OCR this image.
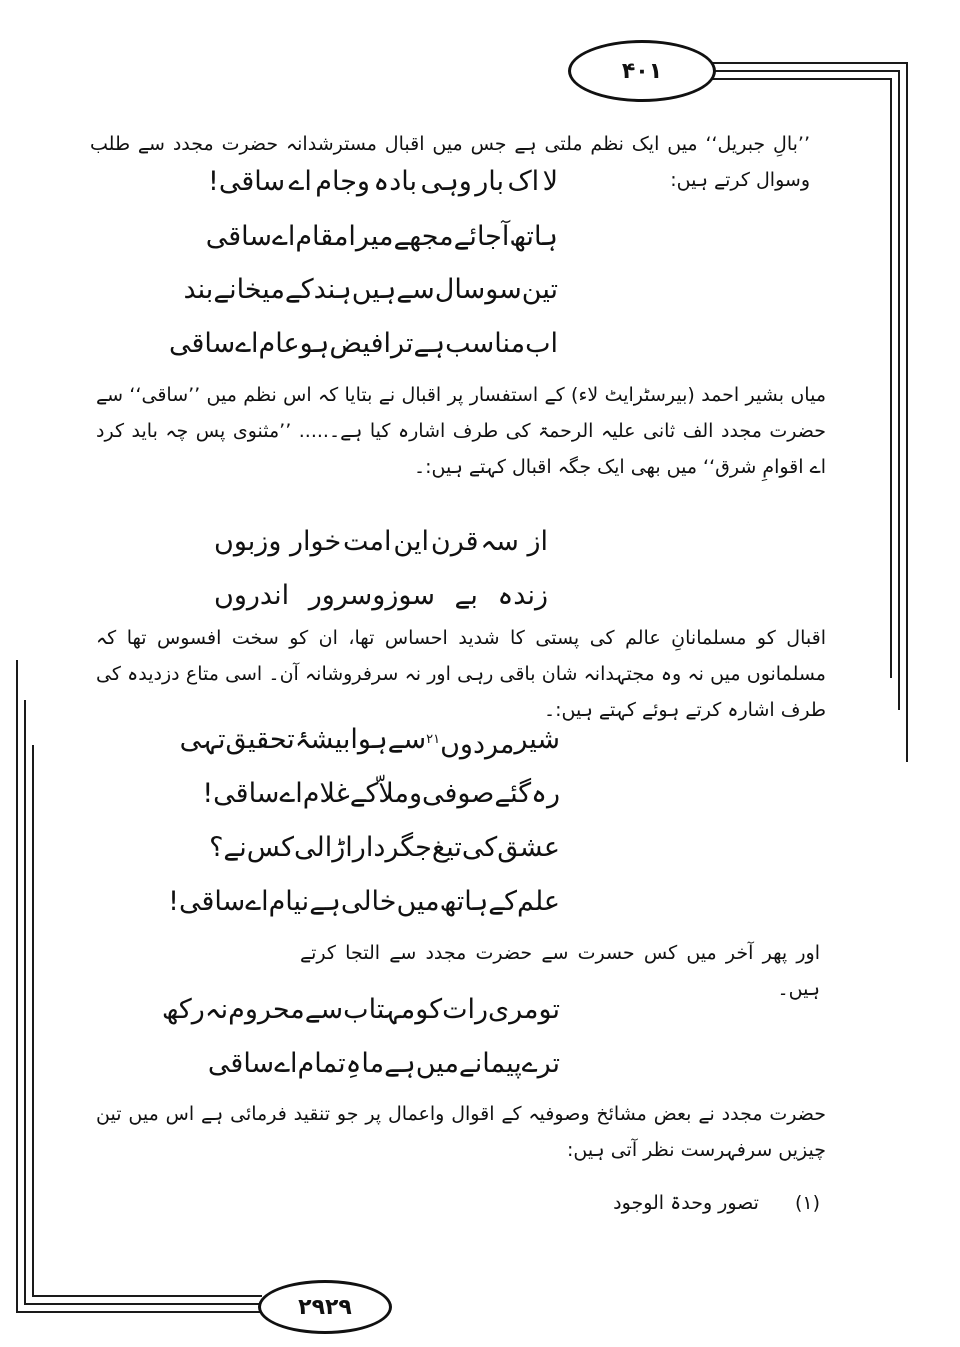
۴۰۱
’’بالِ جبریل‘‘ میں ایک نظم ملتی ہے جس میں اقبال مسترشدانہ حضرت مجدد سے طلب وسوال کرتے ہیں:
لا
اک
بار
وہی
بادہ
وجام
اے
ساقی!
ہاتھ
آجائے
مجھے
میرا
مقام
اے
ساقی
تین
سو
سال
سے
ہیں
ہند
کے
میخانے
بند
اب
مناسب
ہے
ترا
فیض
ہو
عام
اے
ساقی
میاں بشیر احمد (بیرسٹرایٹ لاء) کے استفسار پر اقبال نے بتایا کہ اس نظم میں ’’ساقی‘‘ سے حضرت مجدد الف ثانی علیہ الرحمۃ کی طرف اشارہ کیا ہے۔..... ’’مثنوی پس چہ باید کرد اے اقوامِ شرق‘‘ میں بھی ایک جگہ اقبال کہتے ہیں:۔
از سہ
قرن
این
امت
خوار وزبوں
زندہ
بے
سوزوسرور
اندروں
اقبال کو مسلمانانِ عالم کی پستی کا شدید احساس تھا، ان کو سخت افسوس تھا کہ مسلمانوں میں نہ وہ مجتہدانہ شان باقی رہی اور نہ سرفروشانہ آن۔ اسی متاع دزدیدہ کی طرف اشارہ کرتے ہوئے کہتے ہیں:۔
شیر
مردوں$^{۲۱}$
سے
ہوا
بیشۂ
تحقیق
تہی
رہ
گئے
صوفی
وملاّ
کے
غلام
اے
ساقی!
عشق
کی
تیغ
جگر
دار
اڑالی
کس
نے؟
علم
کے
ہاتھ
میں
خالی
ہے
نیا
م
اے
ساقی!
اور پھر آخر میں کس حسرت سے حضرت مجدد سے التجا کرتے ہیں۔
تو
مری
رات
کو
مہتاب
سے
محروم
نہ
رکھ
ترے
پیمانے
میں
ہے
ماہِ
تمام
اے
ساقی
حضرت مجدد نے بعض مشائخ وصوفیہ کے اقوال واعمال پر جو تنقید فرمائی ہے اس میں تین چیزیں سرفہرست نظر آتی ہیں:
(۱)
تصور وحدۃ الوجود
۲۹۲۹
